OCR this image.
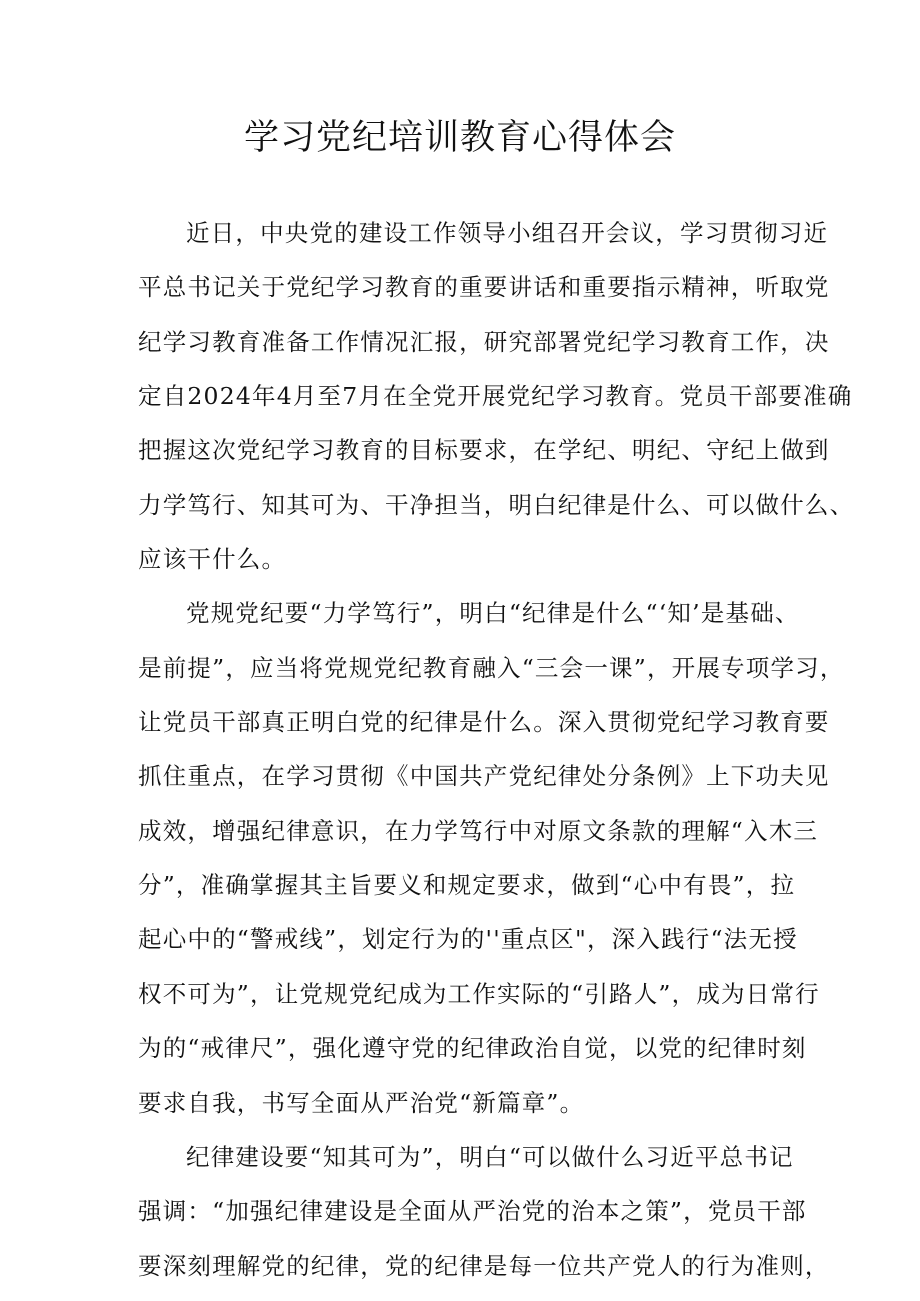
学习党纪培训教育心得体会
近日，中央党的建设工作领导小组召开会议，学习贯彻习近
平总书记关于党纪学习教育的重要讲话和重要指示精神，听取党
纪学习教育准备工作情况汇报，研究部署党纪学习教育工作，决
定自2024年4月至7月在全党开展党纪学习教育。党员干部要准确
把握这次党纪学习教育的目标要求，在学纪、明纪、守纪上做到
力学笃行、知其可为、干净担当，明白纪律是什么、可以做什么、
应该干什么。
党规党纪要“力学笃行”，明白“纪律是什么“‘知’是基础、
是前提”，应当将党规党纪教育融入“三会一课”，开展专项学习，
让党员干部真正明白党的纪律是什么。深入贯彻党纪学习教育要
抓住重点，在学习贯彻《中国共产党纪律处分条例》上下功夫见
成效，增强纪律意识，在力学笃行中对原文条款的理解“入木三
分”，准确掌握其主旨要义和规定要求，做到“心中有畏”，拉
起心中的“警戒线”，划定行为的''重点区"，深入践行“法无授
权不可为”，让党规党纪成为工作实际的“引路人”，成为日常行
为的“戒律尺”，强化遵守党的纪律政治自觉，以党的纪律时刻
要求自我，书写全面从严治党“新篇章”。
纪律建设要“知其可为”，明白“可以做什么习近平总书记
强调：“加强纪律建设是全面从严治党的治本之策”，党员干部
要深刻理解党的纪律，党的纪律是每一位共产党人的行为准则，
